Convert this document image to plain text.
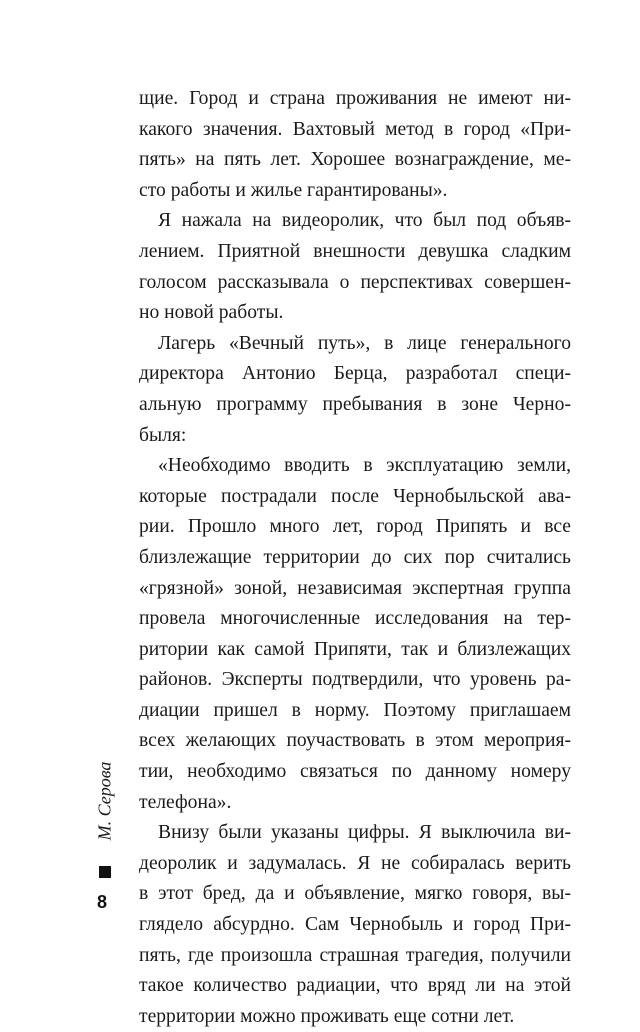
щие. Город и страна проживания не имеют ни-
какого значения. Вахтовый метод в город «При-
пять» на пять лет. Хорошее вознаграждение, ме-
сто работы и жилье гарантированы».
Я нажала на видеоролик, что был под объяв-
лением. Приятной внешности девушка сладким
голосом рассказывала о перспективах совершен-
но новой работы.
Лагерь «Вечный путь», в лице генерального
директора Антонио Берца, разработал специ-
альную программу пребывания в зоне Черно-
быля:
«Необходимо вводить в эксплуатацию земли,
которые пострадали после Чернобыльской ава-
рии. Прошло много лет, город Припять и все
близлежащие территории до сих пор считались
«грязной» зоной, независимая экспертная группа
провела многочисленные исследования на тер-
ритории как самой Припяти, так и близлежащих
районов. Эксперты подтвердили, что уровень ра-
диации пришел в норму. Поэтому приглашаем
всех желающих поучаствовать в этом мероприя-
тии, необходимо связаться по данному номеру
телефона».
Внизу были указаны цифры. Я выключила ви-
деоролик и задумалась. Я не собиралась верить
в этот бред, да и объявление, мягко говоря, вы-
глядело абсурдно. Сам Чернобыль и город При-
пять, где произошла страшная трагедия, получили
такое количество радиации, что вряд ли на этой
территории можно проживать еще сотни лет.
М. Серова
8
